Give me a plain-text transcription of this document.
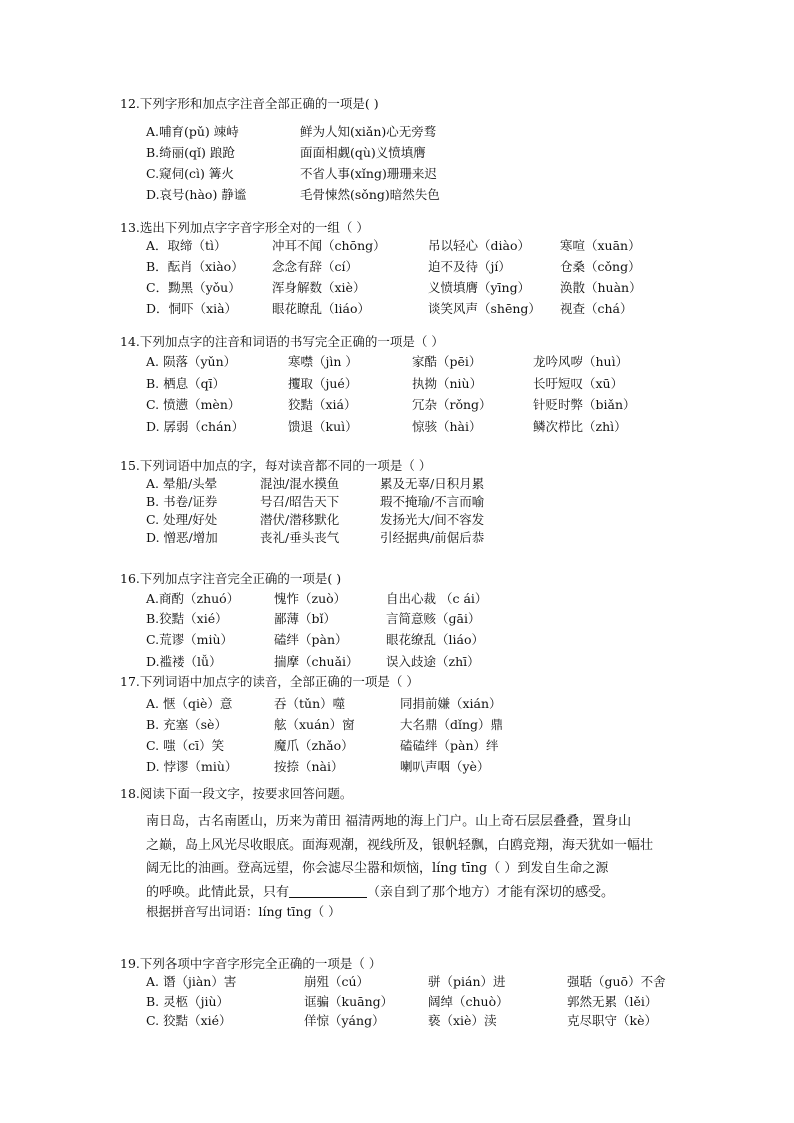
12.下列字形和加点字注音全部正确的一项是( )
A.哺育(pǔ) 竦峙	鲜为人知(xiǎn)心无旁骛
B.绮丽(qǐ) 踉跄	面面相觑(qù)义愤填膺
C.窥伺(cì) 篝火	不省人事(xǐng)珊珊来迟
D.哀号(hào) 静谧	毛骨悚然(sǒng)暗然失色
13.选出下列加点字字音字形全对的一组（ ）
A．取缔（tì）	冲耳不闻（chōng）	吊以轻心（diào） 寒喧（xuān）
B．酝肖（xiào） 念念有辞（cí）	迫不及待（jí）	仓桑（cǒng）
C．黝黑（yǒu）	浑身解数（xiè）	义愤填膺（yīng） 涣散（huàn）
D．恫吓（xià）	眼花瞭乱（liáo）	谈笑风声（shēng） 视查（chá）
14.下列加点字的注音和词语的书写完全正确的一项是（ ）
A. 陨落（yǔn）	寒噤（jìn ）	家酷（pēi）	龙吟风哕（huì）
B. 栖息（qī）	攫取（jué）	执拗（niù）	长吁短叹（xū）
C. 愤懑（mèn）	狡黠（xiá）	冗杂（rǒng）	针贬时弊（biǎn）
D. 孱弱（chán）	馈退（kuì）	惊骇（hài）	鳞次栉比（zhì）
15.下列词语中加点的字，每对读音都不同的一项是（ ）
A. 晕船/头晕	混浊/混水摸鱼	累及无辜/日积月累
B. 书卷/证券	号召/昭告天下	瑕不掩瑜/不言而喻
C. 处理/好处	潜伏/潜移默化	发扬光大/间不容发
D. 憎恶/增加	丧礼/垂头丧气	引经据典/前倨后恭
16.下列加点字注音完全正确的一项是( )
A.商酌（zhuó）	愧怍（zuò）	自出心裁 （c ái）
B.狡黠（xié）	鄙薄（bǐ）	言简意赅（ɡāi）
C.荒谬（miù）	磕绊（pàn）	眼花缭乱（liáo）
D.褴褛（lǚ）	揣摩（chuǎi） 误入歧途（zhī）
17.下列词语中加点字的读音，全部正确的一项是（ ）
A. 惬（qiè）意	吞（tǔn）噬	同捐前嫌（xián）
B. 充塞（sè）	舷（xuán）窗	大名鼎（dǐng）鼎
C. 嗤（cī）笑	魔爪（zhǎo）	磕磕绊（pàn）绊
D. 悖谬（miù）	按捺（nài）	喇叭声咽（yè）
18.阅读下面一段文字，按要求回答问题。
南日岛，古名南匿山，历来为莆田 福清两地的海上门户。山上奇石层层叠叠，置身山
之巅，岛上风光尽收眼底。面海观潮，视线所及，银帆轻飘，白鸥竞翔，海天犹如一幅壮
阔无比的油画。登高远望，你会滤尽尘嚣和烦恼，líng tīng（ ）到发自生命之源
的呼唤。此情此景，只有	（亲自到了那个地方）才能有深切的感受。
根据拼音写出词语：líng tīng（ ）
19.下列各项中字音字形完全正确的一项是（ ）
A. 谮（jiàn）害	崩殂（cú）	骈（pián）进	强聒（guō）不舍
B. 灵柩（jiù）	诓骗（kuāng）	阔绰（chuò）	郭然无累（lěi）
C. 狡黠（xié）	佯惊（yáng）	亵（xiè）渎	克尽职守（kè）
